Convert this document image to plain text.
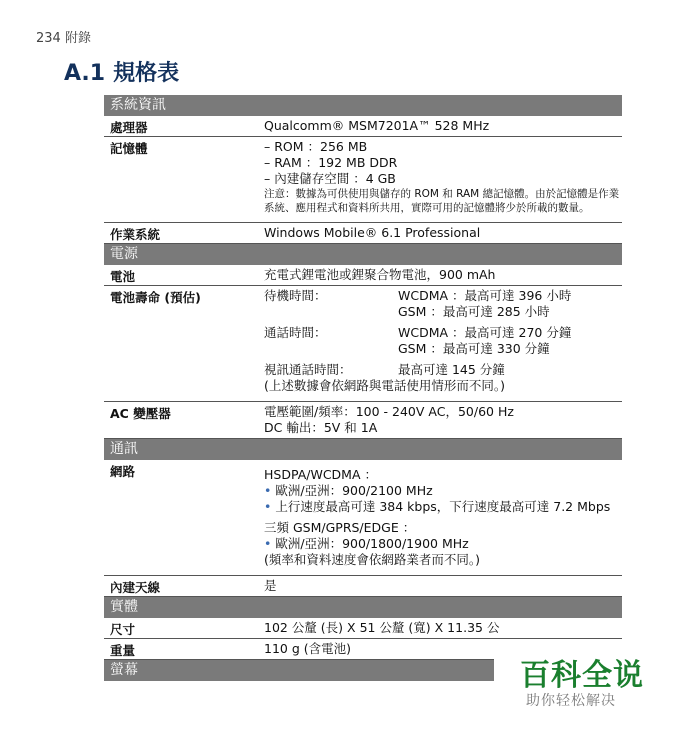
234 附錄
A.1 規格表
系統資訊
處理器	Qualcomm® MSM7201A™ 528 MHz
記憶體	– ROM ：256 MB
– RAM ：192 MB DDR
– 內建儲存空間 ：4 GB
注意：數據為可供使用與儲存的 ROM 和 RAM 總記憶體。由於記憶體是作業系統、應用程式和資料所共用，實際可用的記憶體將少於所載的數量。
作業系統	Windows Mobile® 6.1 Professional
電源
電池	充電式鋰電池或鋰聚合物電池，900 mAh
電池壽命 (預估)	待機時間：	WCDMA ：最高可達 396 小時
GSM ：最高可達 285 小時
通話時間：	WCDMA ：最高可達 270 分鐘
GSM ：最高可達 330 分鐘
視訊通話時間：	最高可達 145 分鐘
(上述數據會依網路與電話使用情形而不同。)
AC 變壓器	電壓範圍/頻率：100 - 240V AC，50/60 Hz
DC 輸出：5V 和 1A
通訊
網路	HSDPA/WCDMA ：
• 歐洲/亞洲：900/2100 MHz
• 上行速度最高可達 384 kbps，下行速度最高可達 7.2 Mbps
三頻 GSM/GPRS/EDGE ：
• 歐洲/亞洲：900/1800/1900 MHz
(頻率和資料速度會依網路業者而不同。)
內建天線	是
實體
尺寸	102 公釐 (長) X 51 公釐 (寬) X 11.35 公
重量	110 g (含電池)
螢幕	百科全说
助你轻松解决
